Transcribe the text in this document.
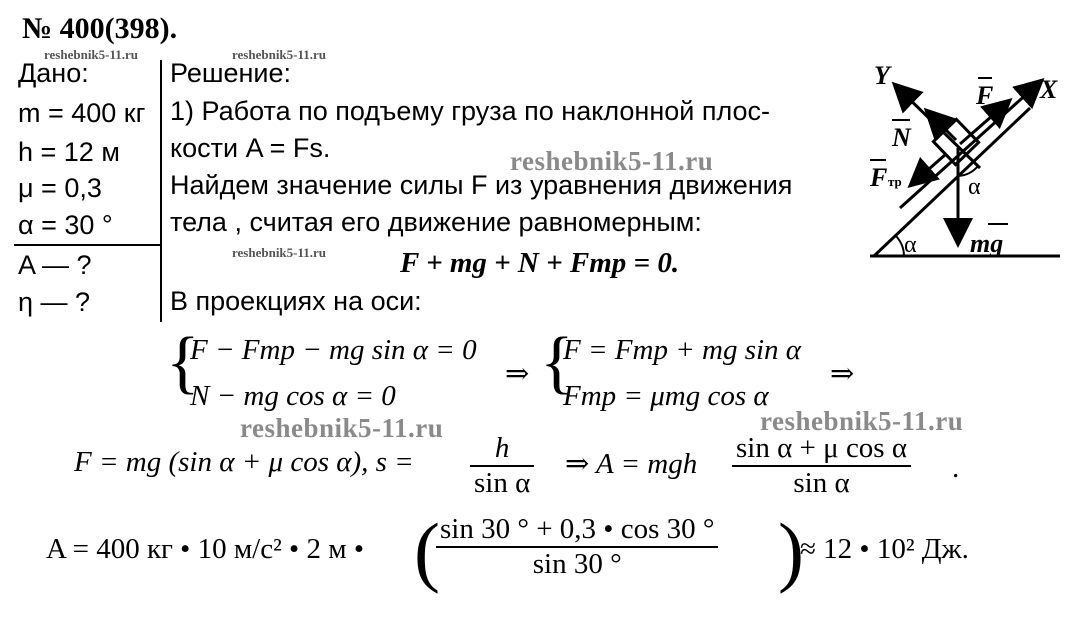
№ 400(398).
reshebnik5-11.ru	reshebnik5-11.ru
reshebnik5-11.ru
Дано:
m = 400 кг
h = 12 м
μ = 0,3
α = 30 °
A — ?
η — ?
Решение:
1) Работа по подъему груза по наклонной плос-
кости A = Fs.
Найдем значение силы F из уравнения движения
тела , считая его движение равномерным:
reshebnik5-11.ru
reshebnik5-11.ru	reshebnik5-11.ru
F + mg + N + Fтр = 0.
В проекциях на оси:
{
F − Fтр − mg sin α = 0
N − mg cos α = 0
⇒ {
F = Fтр + mg sin α
Fтр = μmg cos α
⇒
F = mg (sin α + μ cos α), $s = \frac{h}{\text{sin α}}$ ⇒ A = mgh $\frac{\text{sin α + μ cos α}}{\text{sin α}}$ .
A = 400 кг • 10 м/с² • 2 м • (
$\frac{\sin 30 ^\circ + 0,3 • \cos 30 ^\circ}{\sin 30 ^\circ}$ )
≈ 12 • 10² Дж.
Y	X
F
N
F тр	α
α mg
